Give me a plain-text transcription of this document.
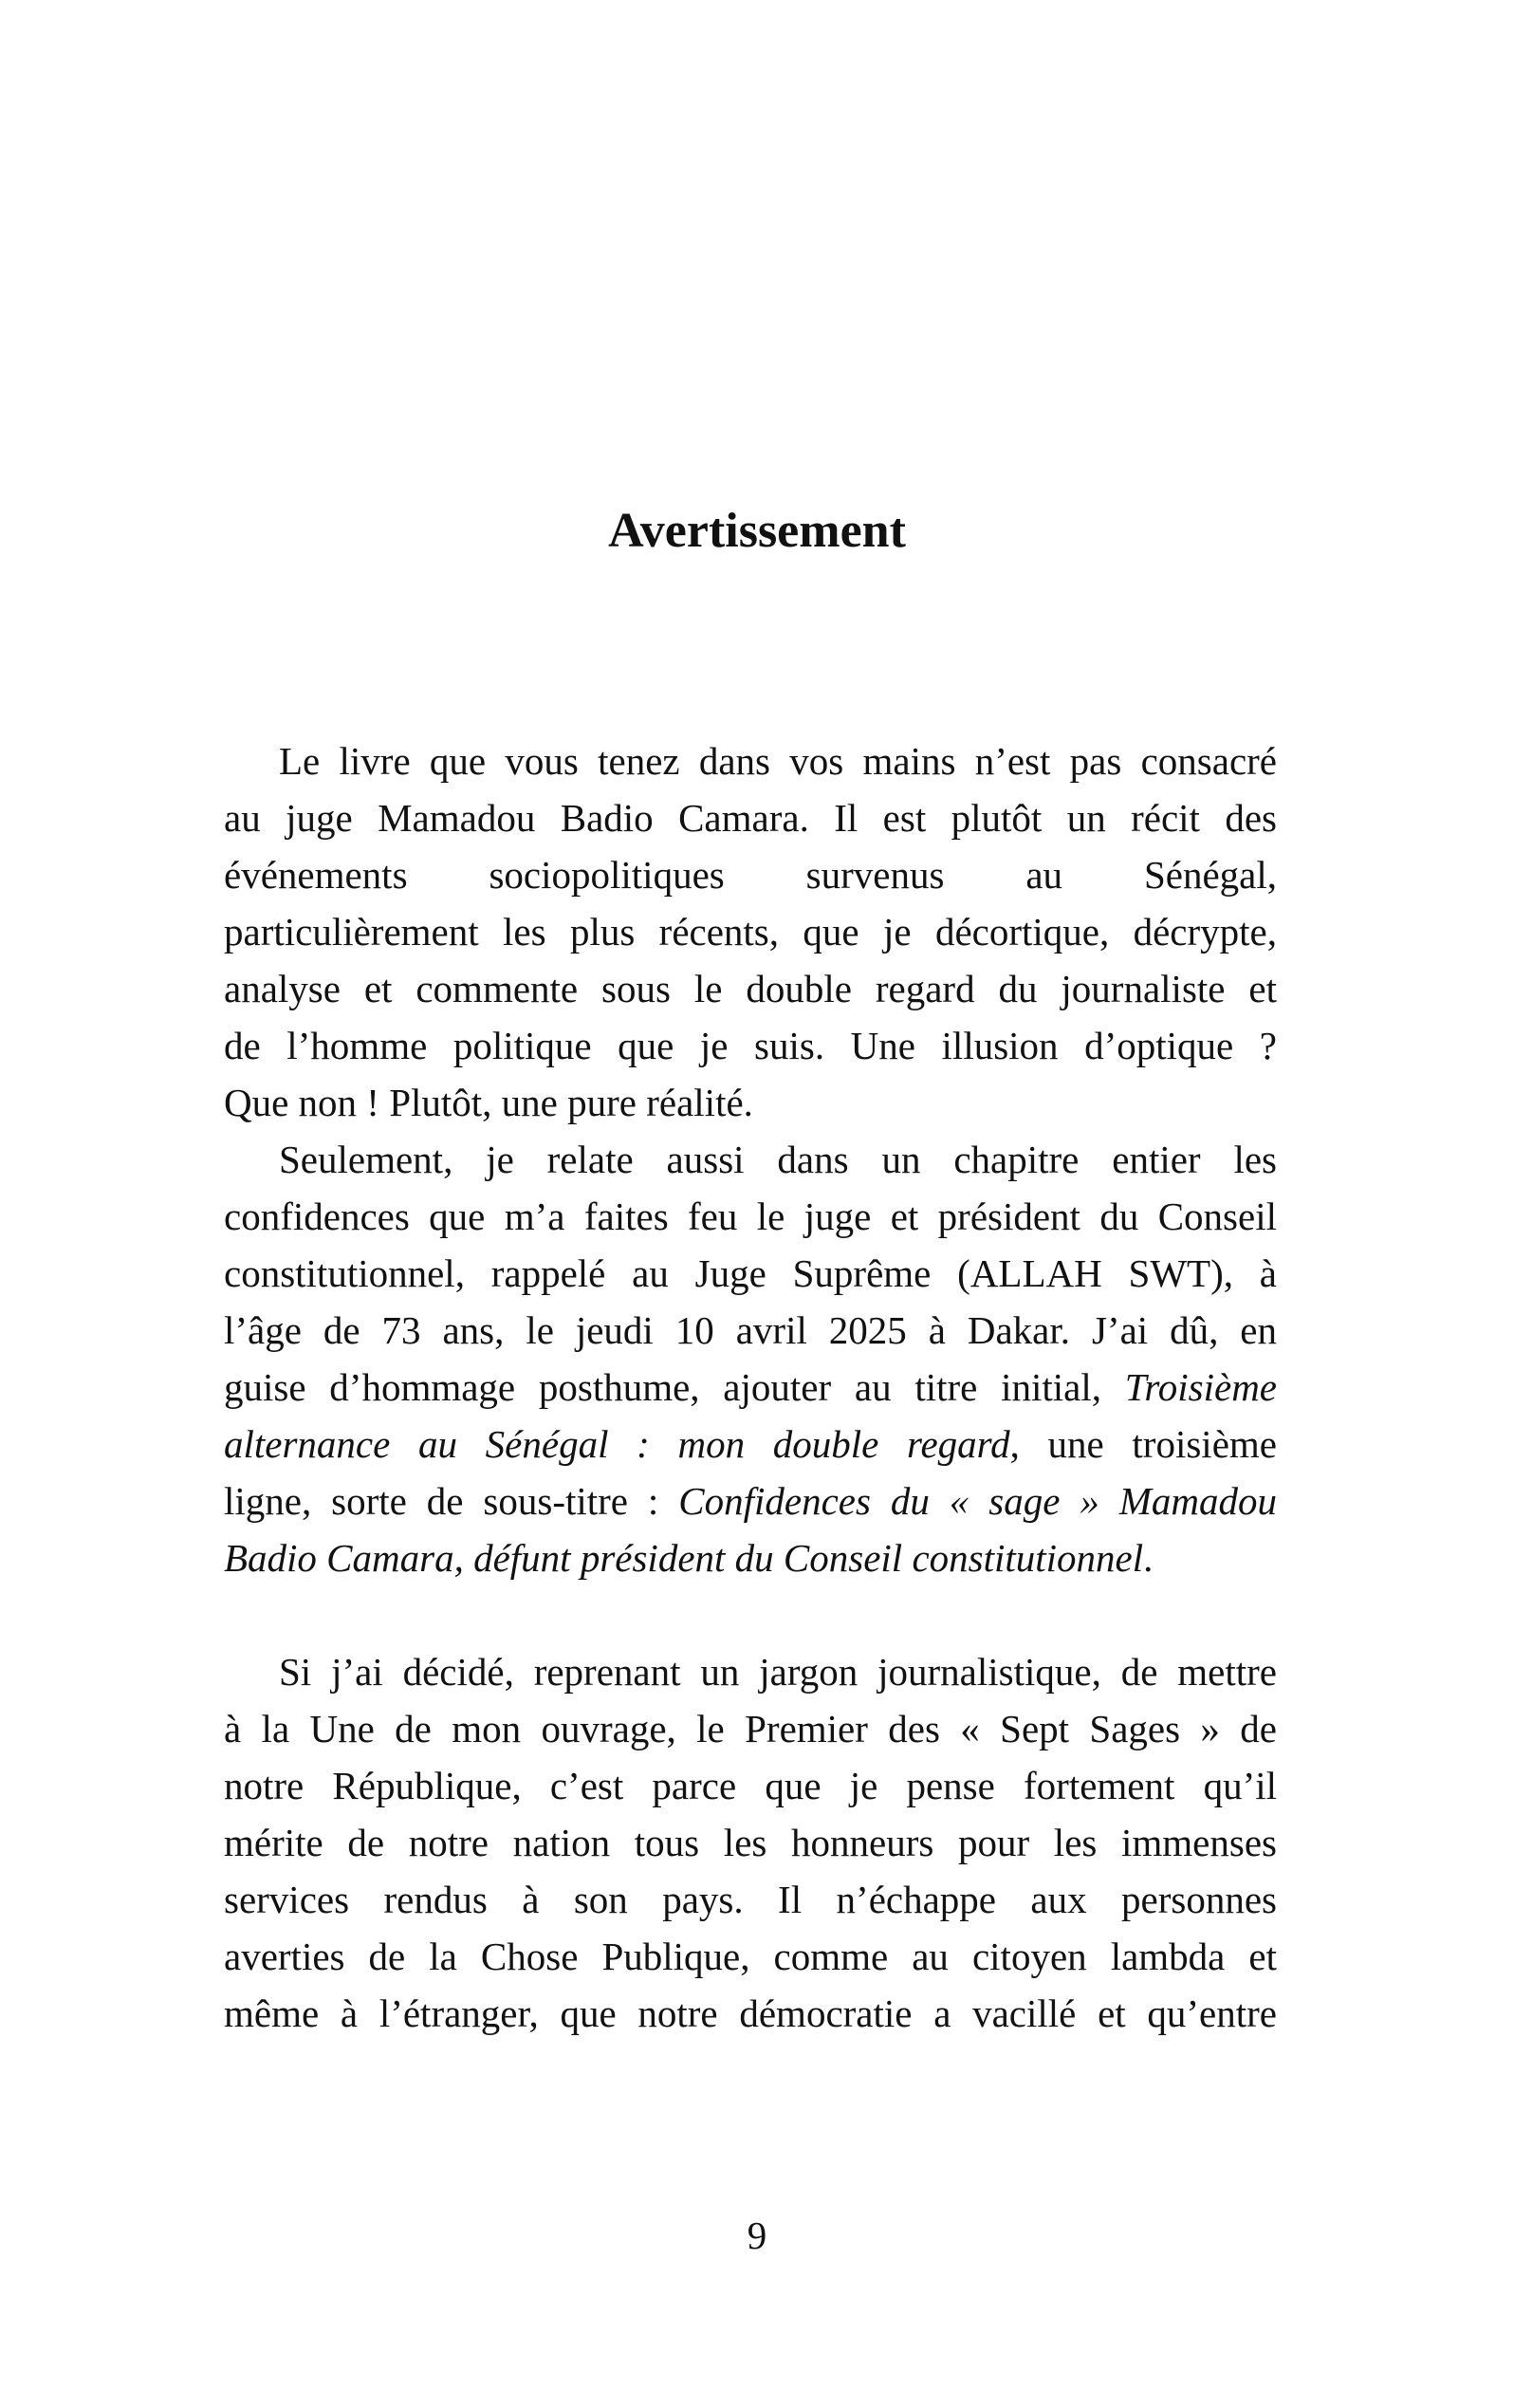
Avertissement
Le livre que vous tenez dans vos mains n’est pas consacré
au juge Mamadou Badio Camara. Il est plutôt un récit des
événements sociopolitiques survenus au Sénégal,
particulièrement les plus récents, que je décortique, décrypte,
analyse et commente sous le double regard du journaliste et
de l’homme politique que je suis. Une illusion d’optique ?
Que non ! Plutôt, une pure réalité.
Seulement, je relate aussi dans un chapitre entier les
confidences que m’a faites feu le juge et président du Conseil
constitutionnel, rappelé au Juge Suprême (ALLAH SWT), à
l’âge de 73 ans, le jeudi 10 avril 2025 à Dakar. J’ai dû, en
guise d’hommage posthume, ajouter au titre initial, Troisième
alternance au Sénégal : mon double regard, une troisième
ligne, sorte de sous-titre : Confidences du « sage » Mamadou
Badio Camara, défunt président du Conseil constitutionnel.
Si j’ai décidé, reprenant un jargon journalistique, de mettre
à la Une de mon ouvrage, le Premier des « Sept Sages » de
notre République, c’est parce que je pense fortement qu’il
mérite de notre nation tous les honneurs pour les immenses
services rendus à son pays. Il n’échappe aux personnes
averties de la Chose Publique, comme au citoyen lambda et
même à l’étranger, que notre démocratie a vacillé et qu’entre
9
